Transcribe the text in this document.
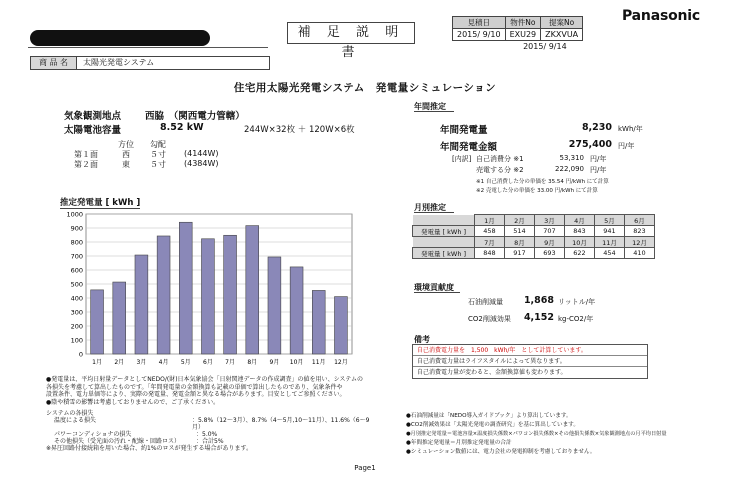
補 足 説 明 書
見積日	物件No	提案No
2015/ 9/10	EXU29	ZKXVUA
2015/ 9/14		
Panasonic
商 品 名	太陽光発電システム
住宅用太陽光発電システム　発電量シミュレーション
気象観測地点	西脇　（関西電力管轄）
太陽電池容量	8.52 kW	244W×32枚 ＋ 120W×6枚
方位 勾配
第１面	西	５寸 (4144W)
第２面	東	５寸 (4384W)
推定発電量 [ kWh ]
0
100
200
300
400
500
600
700
800
900
1000
1月 2月 3月 4月 5月 6月 7月 8月 9月 10月 11月 12月
●発電量は、平均日射量データとしてNEDO/(財)日本気象協会「日射関連データの作成調査」の値を用い、システムの
各損失を考慮して算出したものです。「年間発電量の金額換算も記載の単価で算出したものであり、気象条件や
設置条件、電力単価等により、実際の発電量、発電金額と異なる場合があります。目安としてご参照ください。
●陰や積雪の影響は考慮しておりませんので、ご了承ください。
システムの各損失
温度による損失	：5.8%（12～3月）、8.7%（4～5月,10～11月）、11.6%（6～9月）
パワーコンディショナの損失	：5.0%
その他損失（受光面の汚れ・配線・回路ロス）	：合計5%
※昇圧回路付接続箱を用いた場合、約1%のロスが発生する場合があります。
年間推定
年間発電量	8,230 kWh/年
年間発電金額	275,400 円/年
[内訳] 自己消費分 ※1	53,310 円/年
売電する分 ※2	222,090 円/年
※1 自己消費した分の単価を 35.54 円/kWh にて計算
※2 売電した分の単価を 33.00 円/kWh にて計算
月別推定
	1月	2月	3月	4月	5月	6月
発電量 [ kWh ]	458	514	707	843	941	823
	7月	8月	9月	10月	11月	12月
発電量 [ kWh ]	848	917	693	622	454	410
環境貢献度
石油削減量	1,868 リットル/年
CO2削減効果	4,152 kg-CO2/年
備考
自己消費電力量を　1,500　kWh/年　として計算しています。
自己消費電力量はライフスタイルによって異なります。
自己消費電力量が変わると、金額換算値も変わります。
●石油削減量は「NEDO導入ガイドブック」より算出しています。
●CO2削減効果は「太陽光発電の調査研究」を基に算出しています。
●月別推定発電量＝電池容量×温度損失係数×パワコン損失係数×その他損失係数×気象観測地点の月平均日射量
●年間推定発電量＝月別推定発電量の合計
●シミュレーション数値には、電力会社の発電抑制を考慮しておりません。
Page1
